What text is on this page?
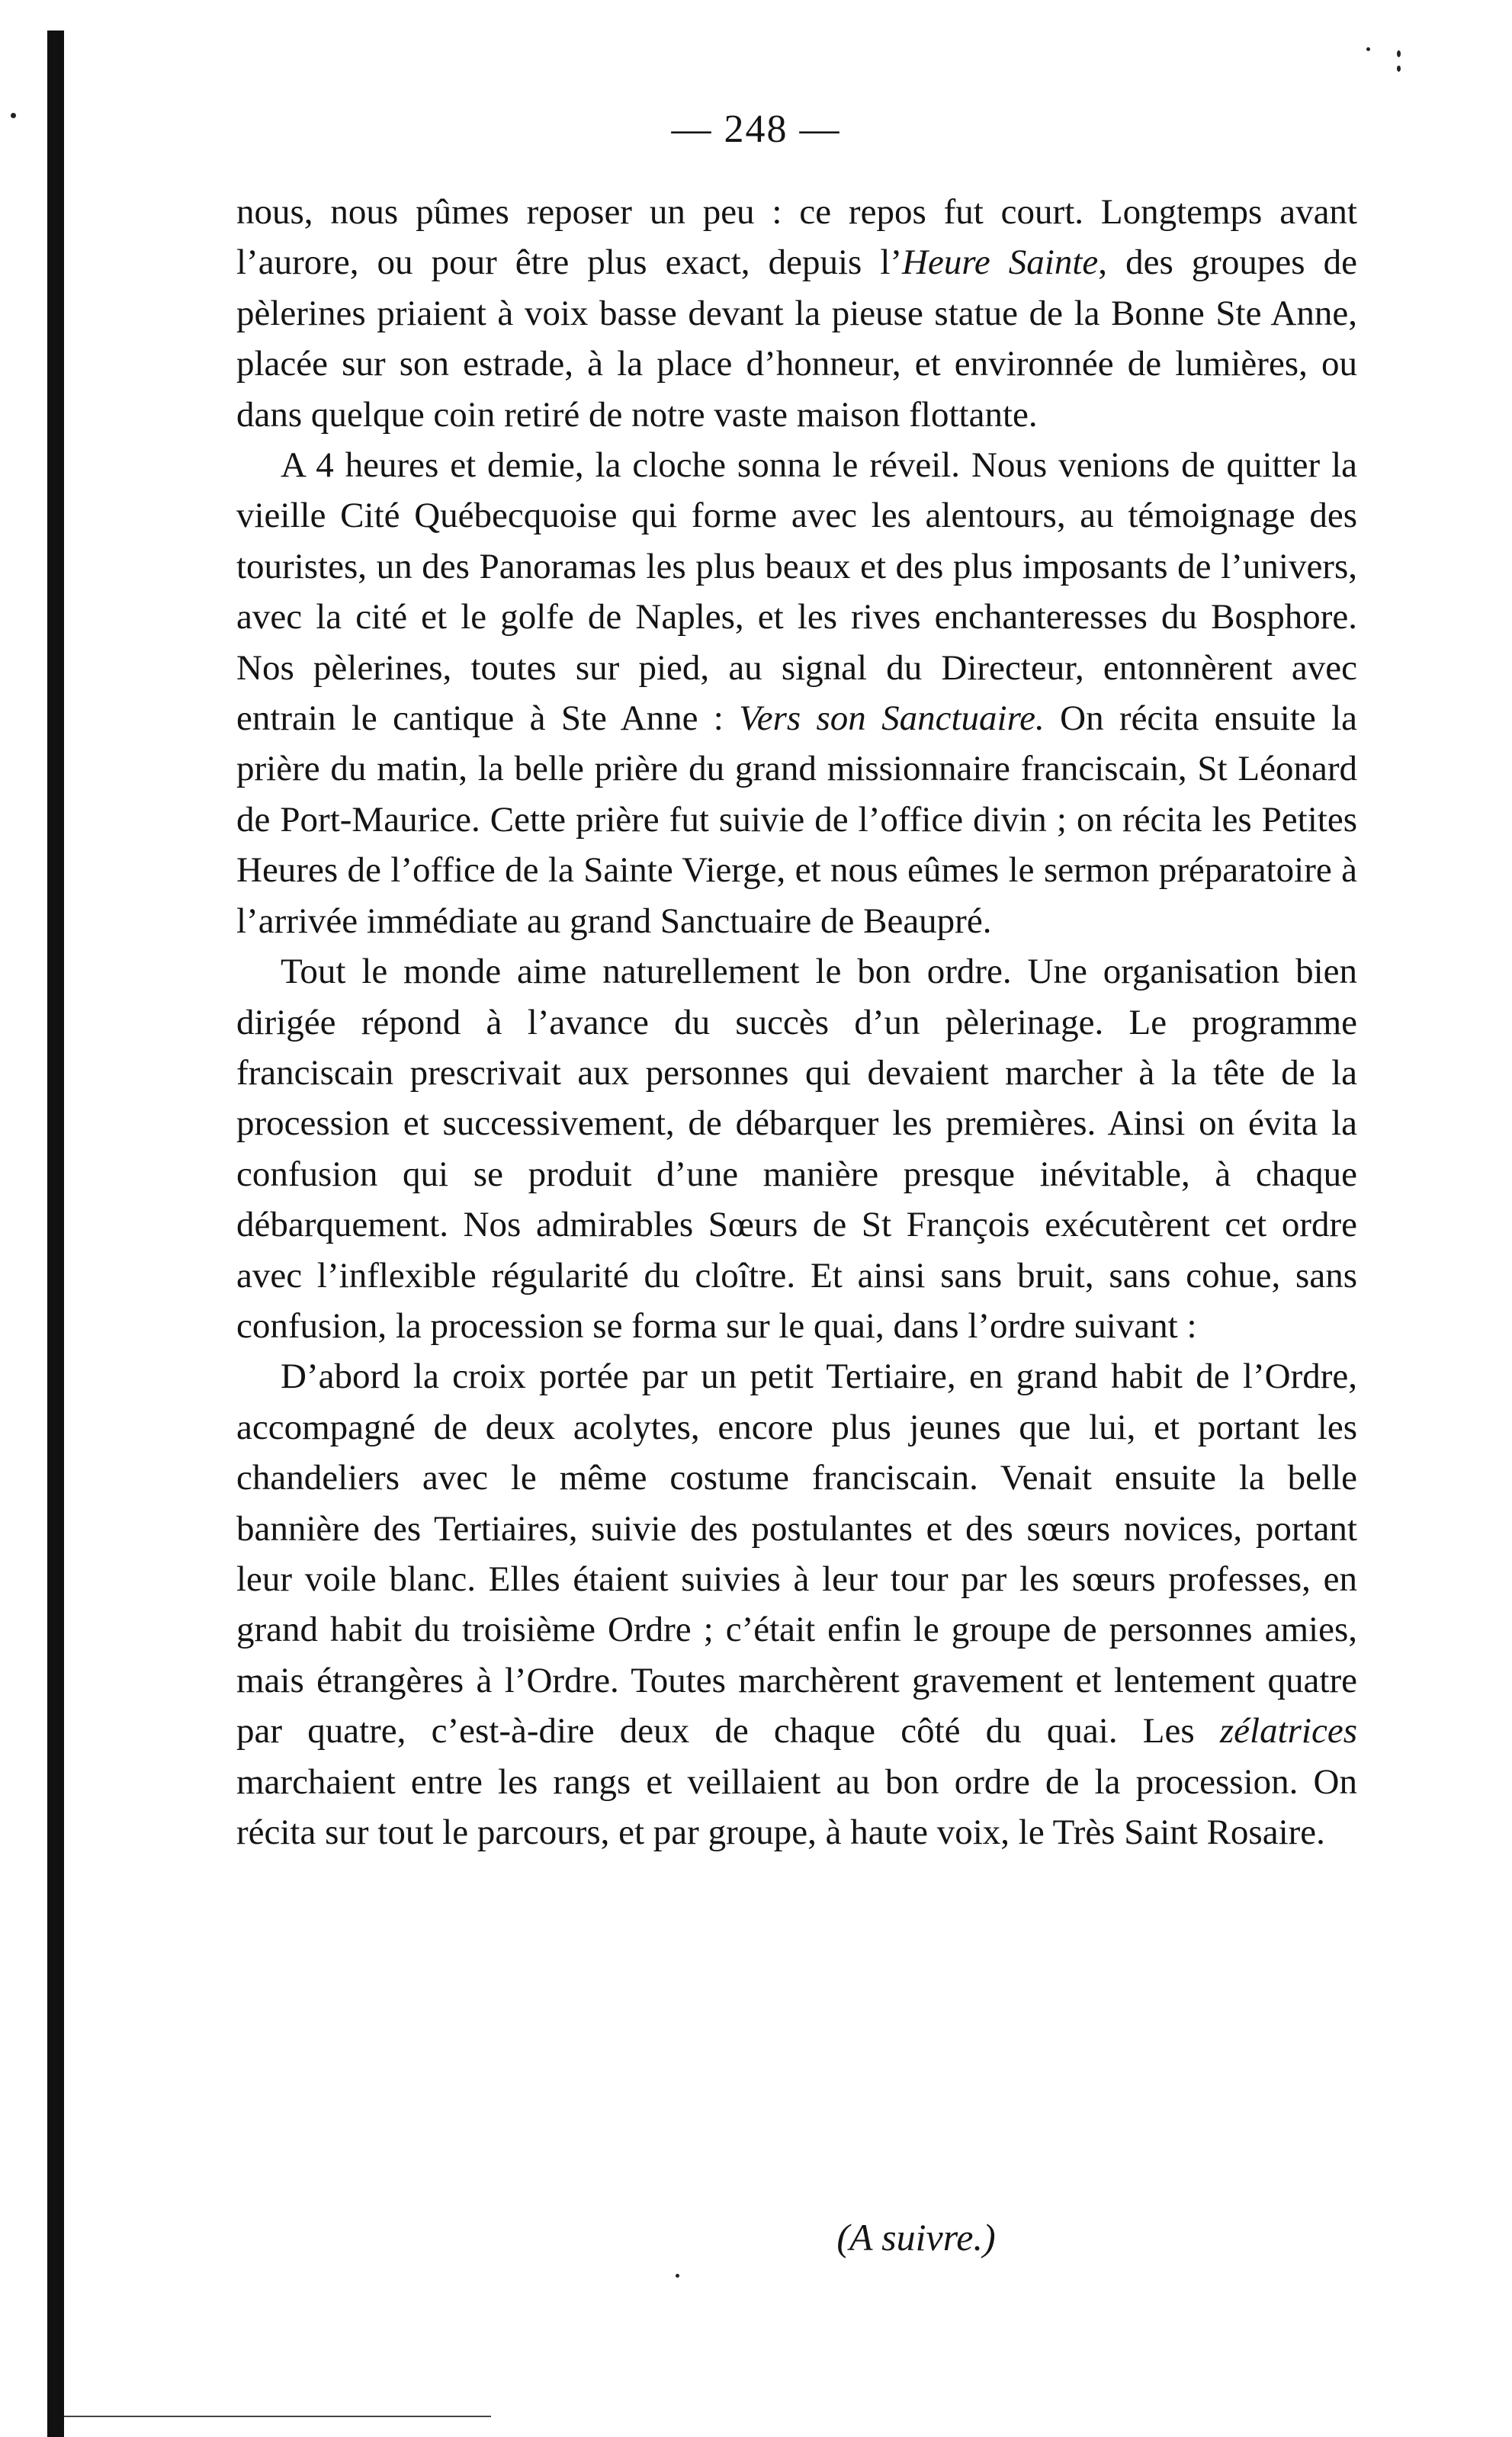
— 248 —

nous, nous pûmes reposer un peu : ce repos fut court. Longtemps avant l’aurore, ou pour être plus exact, depuis l’Heure Sainte, des groupes de pèlerines priaient à voix basse devant la pieuse statue de la Bonne Ste Anne, placée sur son estrade, à la place d’honneur, et environnée de lumières, ou dans quelque coin retiré de notre vaste maison flottante.

A 4 heures et demie, la cloche sonna le réveil. Nous venions de quitter la vieille Cité Québecquoise qui forme avec les alentours, au témoignage des touristes, un des Panoramas les plus beaux et des plus imposants de l’univers, avec la cité et le golfe de Naples, et les rives enchanteresses du Bosphore. Nos pèlerines, toutes sur pied, au signal du Directeur, entonnèrent avec entrain le cantique à Ste Anne : Vers son Sanctuaire. On récita ensuite la prière du matin, la belle prière du grand missionnaire franciscain, St Léonard de Port-Maurice. Cette prière fut suivie de l’office divin ; on récita les Petites Heures de l’office de la Sainte Vierge, et nous eûmes le sermon préparatoire à l’arrivée immédiate au grand Sanctuaire de Beaupré.

Tout le monde aime naturellement le bon ordre. Une organisation bien dirigée répond à l’avance du succès d’un pèlerinage. Le programme franciscain prescrivait aux personnes qui devaient marcher à la tête de la procession et successivement, de débarquer les premières. Ainsi on évita la confusion qui se produit d’une manière presque inévitable, à chaque débarquement. Nos admirables Sœurs de St François exécutèrent cet ordre avec l’inflexible régularité du cloître. Et ainsi sans bruit, sans cohue, sans confusion, la procession se forma sur le quai, dans l’ordre suivant :

D’abord la croix portée par un petit Tertiaire, en grand habit de l’Ordre, accompagné de deux acolytes, encore plus jeunes que lui, et portant les chandeliers avec le même costume franciscain. Venait ensuite la belle bannière des Tertiaires, suivie des postulantes et des sœurs novices, portant leur voile blanc. Elles étaient suivies à leur tour par les sœurs professes, en grand habit du troisième Ordre ; c’était enfin le groupe de personnes amies, mais étrangères à l’Ordre. Toutes marchèrent gravement et lentement quatre par quatre, c’est-à-dire deux de chaque côté du quai. Les zélatrices marchaient entre les rangs et veillaient au bon ordre de la procession. On récita sur tout le parcours, et par groupe, à haute voix, le Très Saint Rosaire.

(A suivre.)
